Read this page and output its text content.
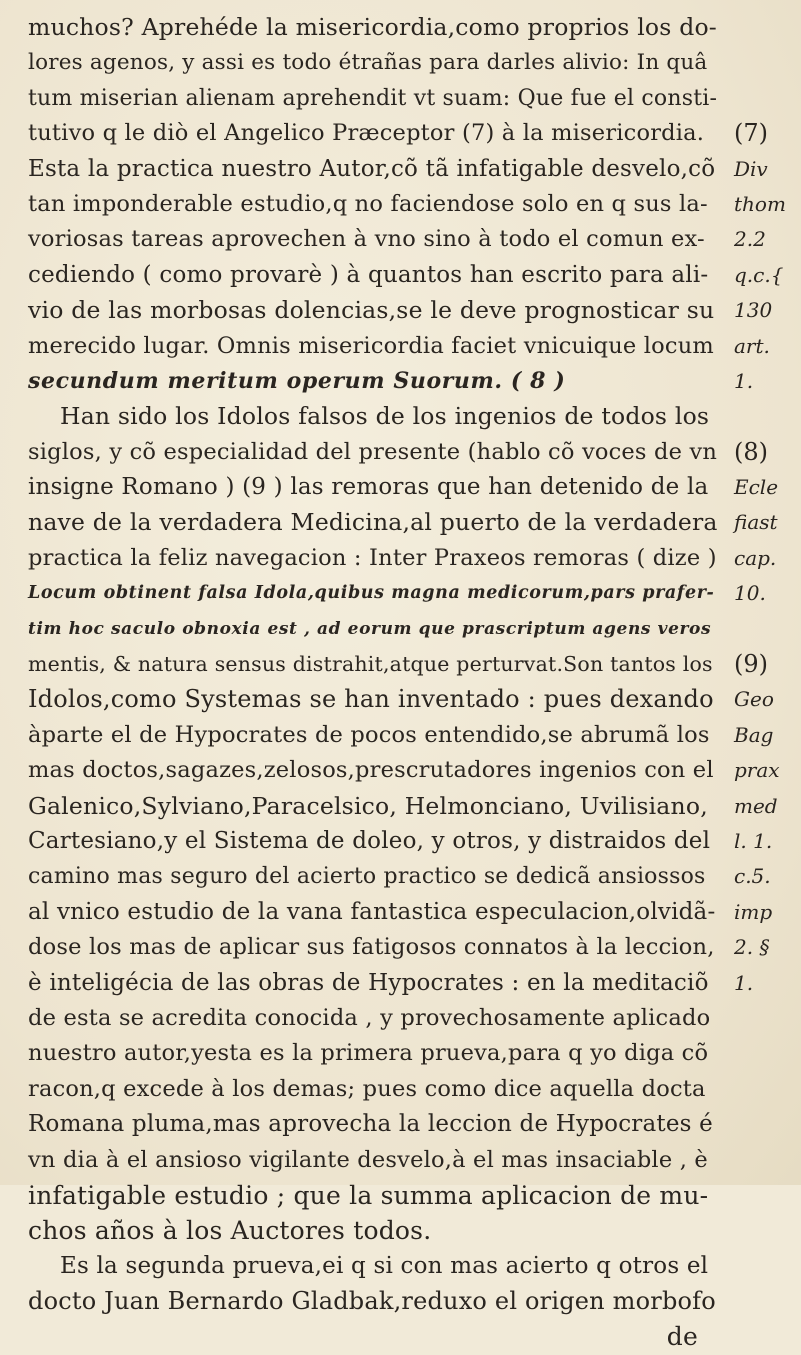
muchos? Aprehéde la misericordia,como proprios los do-
lores agenos, y assi es todo étrañas para darles alivio: In quâ
tum miserian alienam aprehendit vt suam: Que fue el consti-
tutivo q le diò el Angelico Præceptor (7) à la misericordia.
Esta la practica nuestro Autor,cõ tã infatigable desvelo,cõ
tan imponderable estudio,q no faciendose solo en q sus la-
voriosas tareas aprovechen à vno sino à todo el comun ex-
cediendo ( como provarè ) à quantos han escrito para ali-
vio de las morbosas dolencias,se le deve prognosticar su
merecido lugar. Omnis misericordia faciet vnicuique locum
secundum meritum operum Suorum. ( 8 )
Han sido los Idolos falsos de los ingenios de todos los
siglos, y cõ especialidad del presente (hablo cõ voces de vn
insigne Romano ) (9 ) las remoras que han detenido de la
nave de la verdadera Medicina,al puerto de la verdadera
practica la feliz navegacion : Inter Praxeos remoras ( dize )
Locum obtinent falsa Idola,quibus magna medicorum,pars prafer-
tim hoc saculo obnoxia est , ad eorum que prascriptum agens veros
mentis, & natura sensus distrahit,atque perturvat.Son tantos los
Idolos,como Systemas se han inventado : pues dexando
àparte el de Hypocrates de pocos entendido,se abrumã los
mas doctos,sagazes,zelosos,prescrutadores ingenios con el
Galenico,Sylviano,Paracelsico, Helmonciano, Uvilisiano,
Cartesiano,y el Sistema de doleo, y otros, y distraidos del
camino mas seguro del acierto practico se dedicã ansiossos
al vnico estudio de la vana fantastica especulacion,olvidã-
dose los mas de aplicar sus fatigosos connatos à la leccion,
è inteligécia de las obras de Hypocrates : en la meditaciõ
de esta se acredita conocida , y provechosamente aplicado
nuestro autor,yesta es la primera prueva,para q yo diga cõ
racon,q excede à los demas; pues como dice aquella docta
Romana pluma,mas aprovecha la leccion de Hypocrates é
vn dia à el ansioso vigilante desvelo,à el mas insaciable , è
infatigable estudio ; que la summa aplicacion de mu-
chos años à los Auctores todos.
Es la segunda prueva,ei q si con mas acierto q otros el
docto Juan Bernardo Gladbak,reduxo el origen morbofo
de
(7)
Div
thom
2.2
q.c.{
130
art.
1.
(8)
Ecle
fiast
cap.
10.
(9)
Geo
Bag
prax
med
l. 1.
c.5.
imp
2. §
1.
